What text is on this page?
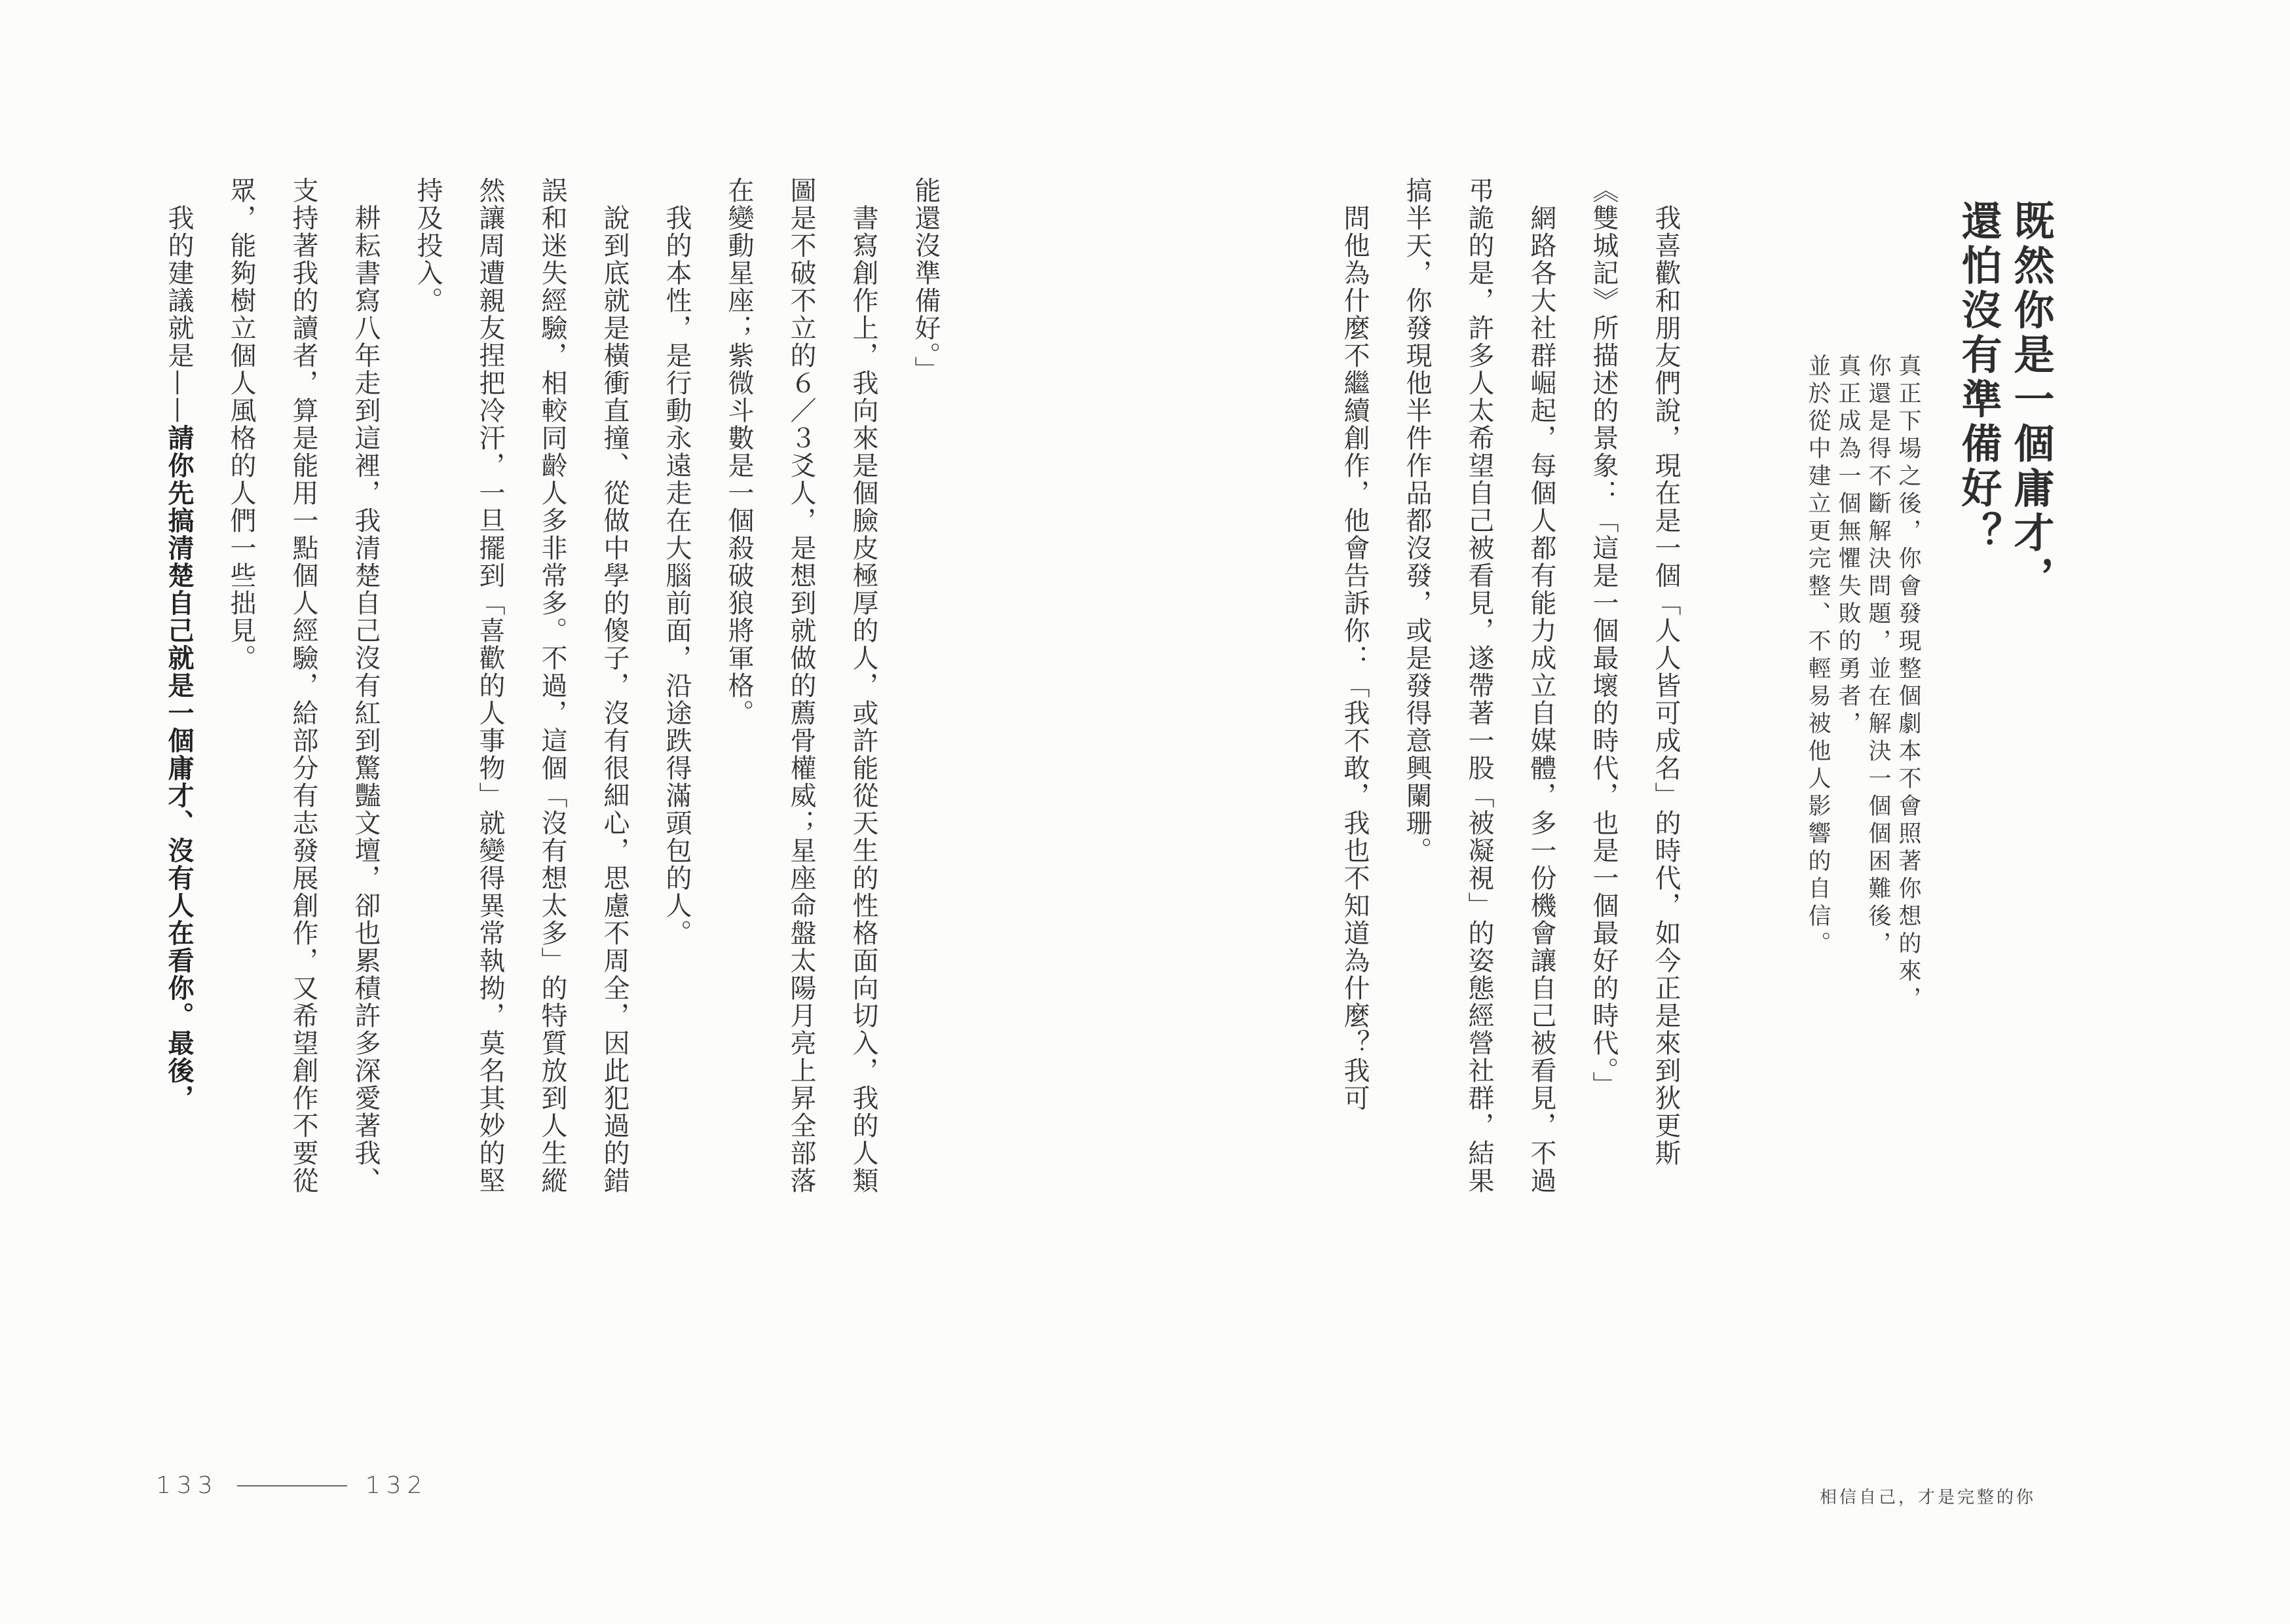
既然你是一個庸才，
還怕沒有準備好？
真正下場之後，你會發現整個劇本不會照著你想的來，
你還是得不斷解決問題，並在解決一個個困難後，
真正成為一個無懼失敗的勇者，
並於從中建立更完整、不輕易被他人影響的自信。

我喜歡和朋友們說，現在是一個「人人皆可成名」的時代，如今正是來到狄更斯《雙城記》所描述的景象：「這是一個最壞的時代，也是一個最好的時代。」

網路各大社群崛起，每個人都有能力成立自媒體，多一份機會讓自己被看見，不過弔詭的是，許多人太希望自己被看見，遂帶著一股「被凝視」的姿態經營社群，結果搞半天，你發現他半件作品都沒發，或是發得意興闌珊。

問他為什麼不繼續創作，他會告訴你：「我不敢，我也不知道為什麼？我可

能還沒準備好。」

書寫創作上，我向來是個臉皮極厚的人，或許能從天生的性格面向切入，我的人類圖是不破不立的６／３爻人，是想到就做的薦骨權威；星座命盤太陽月亮上昇全部落在變動星座；紫微斗數是一個殺破狼將軍格。

我的本性，是行動永遠走在大腦前面，沿途跌得滿頭包的人。

說到底就是橫衝直撞、從做中學的傻子，沒有很細心，思慮不周全，因此犯過的錯誤和迷失經驗，相較同齡人多非常多。不過，這個「沒有想太多」的特質放到人生縱然讓周遭親友捏把冷汗，一旦擺到「喜歡的人事物」就變得異常執拗，莫名其妙的堅持及投入。

耕耘書寫八年走到這裡，我清楚自己沒有紅到驚豔文壇，卻也累積許多深愛著我、支持著我的讀者，算是能用一點個人經驗，給部分有志發展創作，又希望創作不要從眾，能夠樹立個人風格的人們一些拙見。

我的建議就是——請你先搞清楚自己就是一個庸才、沒有人在看你。最後，

133	132	相信自己，才是完整的你
